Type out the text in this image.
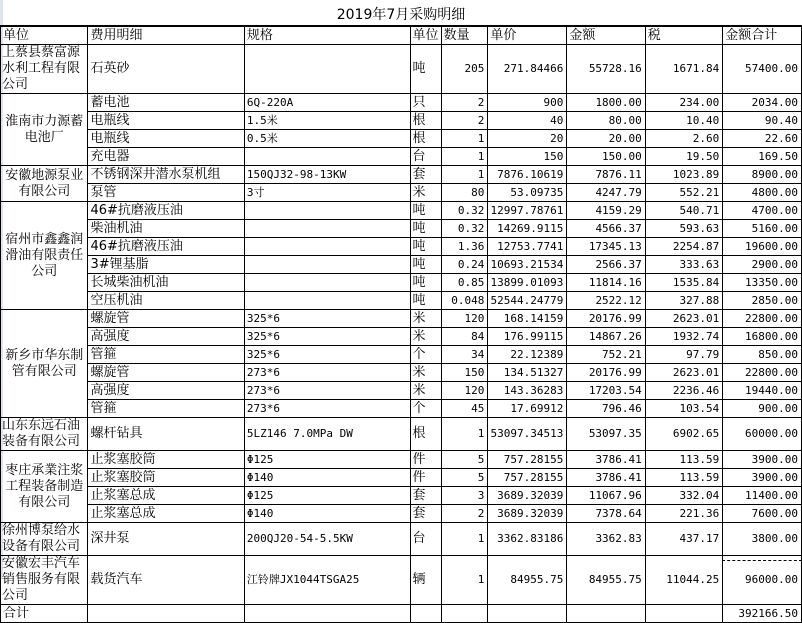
2019年7月采购明细
单位	费用明细	规格	单位	数量	单价	金额	税	金额合计
上蔡县蔡富源水利工程有限公司	石英砂		吨	205	271.84466	55728.16	1671.84	57400.00
淮南市力源蓄电池厂	蓄电池	6Q-220A	只	2	900	1800.00	234.00	2034.00
	电瓶线	1.5米	根	2	40	80.00	10.40	90.40
	电瓶线	0.5米	根	1	20	20.00	2.60	22.60
	充电器		台	1	150	150.00	19.50	169.50
安徽地源泵业有限公司	不锈钢深井潜水泵机组	150QJ32-98-13KW	套	1	7876.10619	7876.11	1023.89	8900.00
	泵管	3寸	米	80	53.09735	4247.79	552.21	4800.00
宿州市鑫鑫润滑油有限责任公司	46#抗磨液压油		吨	0.32	12997.78761	4159.29	540.71	4700.00
	柴油机油		吨	0.32	14269.9115	4566.37	593.63	5160.00
	46#抗磨液压油		吨	1.36	12753.7741	17345.13	2254.87	19600.00
	3#锂基脂		吨	0.24	10693.21534	2566.37	333.63	2900.00
	长城柴油机油		吨	0.85	13899.01093	11814.16	1535.84	13350.00
	空压机油		吨	0.048	52544.24779	2522.12	327.88	2850.00
新乡市华东制管有限公司	螺旋管	325*6	米	120	168.14159	20176.99	2623.01	22800.00
	高强度	325*6	米	84	176.99115	14867.26	1932.74	16800.00
	管箍	325*6	个	34	22.12389	752.21	97.79	850.00
	螺旋管	273*6	米	150	134.51327	20176.99	2623.01	22800.00
	高强度	273*6	米	120	143.36283	17203.54	2236.46	19440.00
	管箍	273*6	个	45	17.69912	796.46	103.54	900.00
山东东远石油装备有限公司	螺杆钻具	5LZ146 7.0MPa DW	根	1	53097.34513	53097.35	6902.65	60000.00
枣庄承業注浆工程装备制造有限公司	止浆塞胶筒	Φ125	件	5	757.28155	3786.41	113.59	3900.00
	止浆塞胶筒	Φ140	件	5	757.28155	3786.41	113.59	3900.00
	止浆塞总成	Φ125	套	3	3689.32039	11067.96	332.04	11400.00
	止浆塞总成	Φ140	套	2	3689.32039	7378.64	221.36	7600.00
徐州博泵给水设备有限公司	深井泵	200QJ20-54-5.5KW	台	1	3362.83186	3362.83	437.17	3800.00
安徽宏丰汽车销售服务有限公司	载货汽车	江铃牌JX1044TSGA25	辆	1	84955.75	84955.75	11044.25	96000.00
合计								392166.50
